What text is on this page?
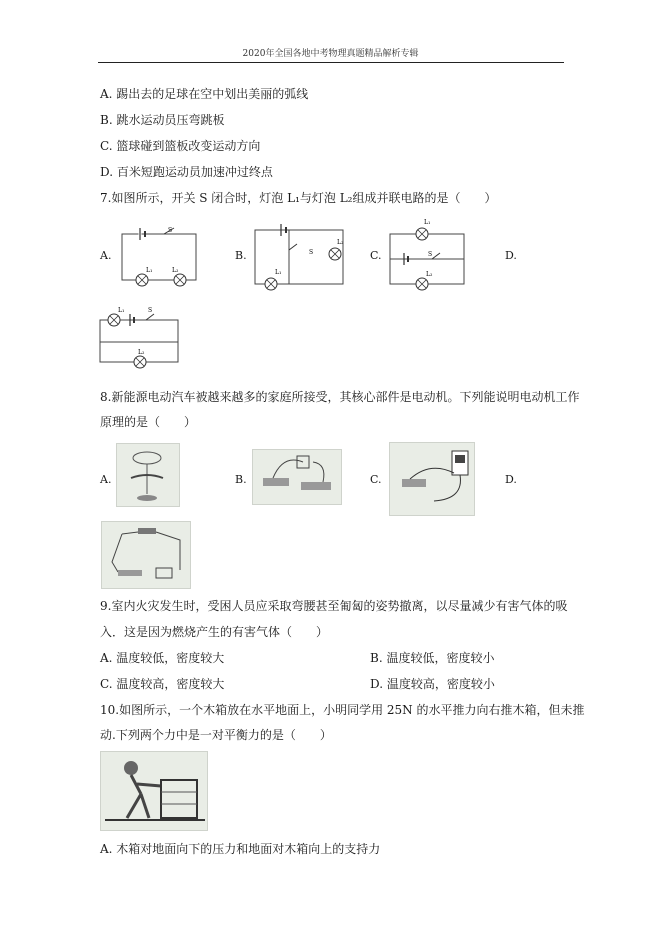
2020年全国各地中考物理真题精品解析专辑
A. 踢出去的足球在空中划出美丽的弧线
B. 跳水运动员压弯跳板
C. 篮球碰到篮板改变运动方向
D. 百米短跑运动员加速冲过终点
7.如图所示，开关 S 闭合时，灯泡 L₁与灯泡 L₂组成并联电路的是（　　）
A.	B.	C.	D.
S
L₁	L₂
S
L₂
L₁
L₁
S
L₂
L₁	S
L₂
8.新能源电动汽车被越来越多的家庭所接受，其核心部件是电动机。下列能说明电动机工作
原理的是（　　）
A.	B.	C.	D.
9.室内火灾发生时，受困人员应采取弯腰甚至匍匐的姿势撤离，以尽量减少有害气体的吸
入．这是因为燃烧产生的有害气体（　　）
A. 温度较低，密度较大	B. 温度较低，密度较小
C. 温度较高，密度较大	D. 温度较高，密度较小
10.如图所示，一个木箱放在水平地面上，小明同学用 25N 的水平推力向右推木箱，但未推
动.下列两个力中是一对平衡力的是（　　）
A. 木箱对地面向下的压力和地面对木箱向上的支持力
